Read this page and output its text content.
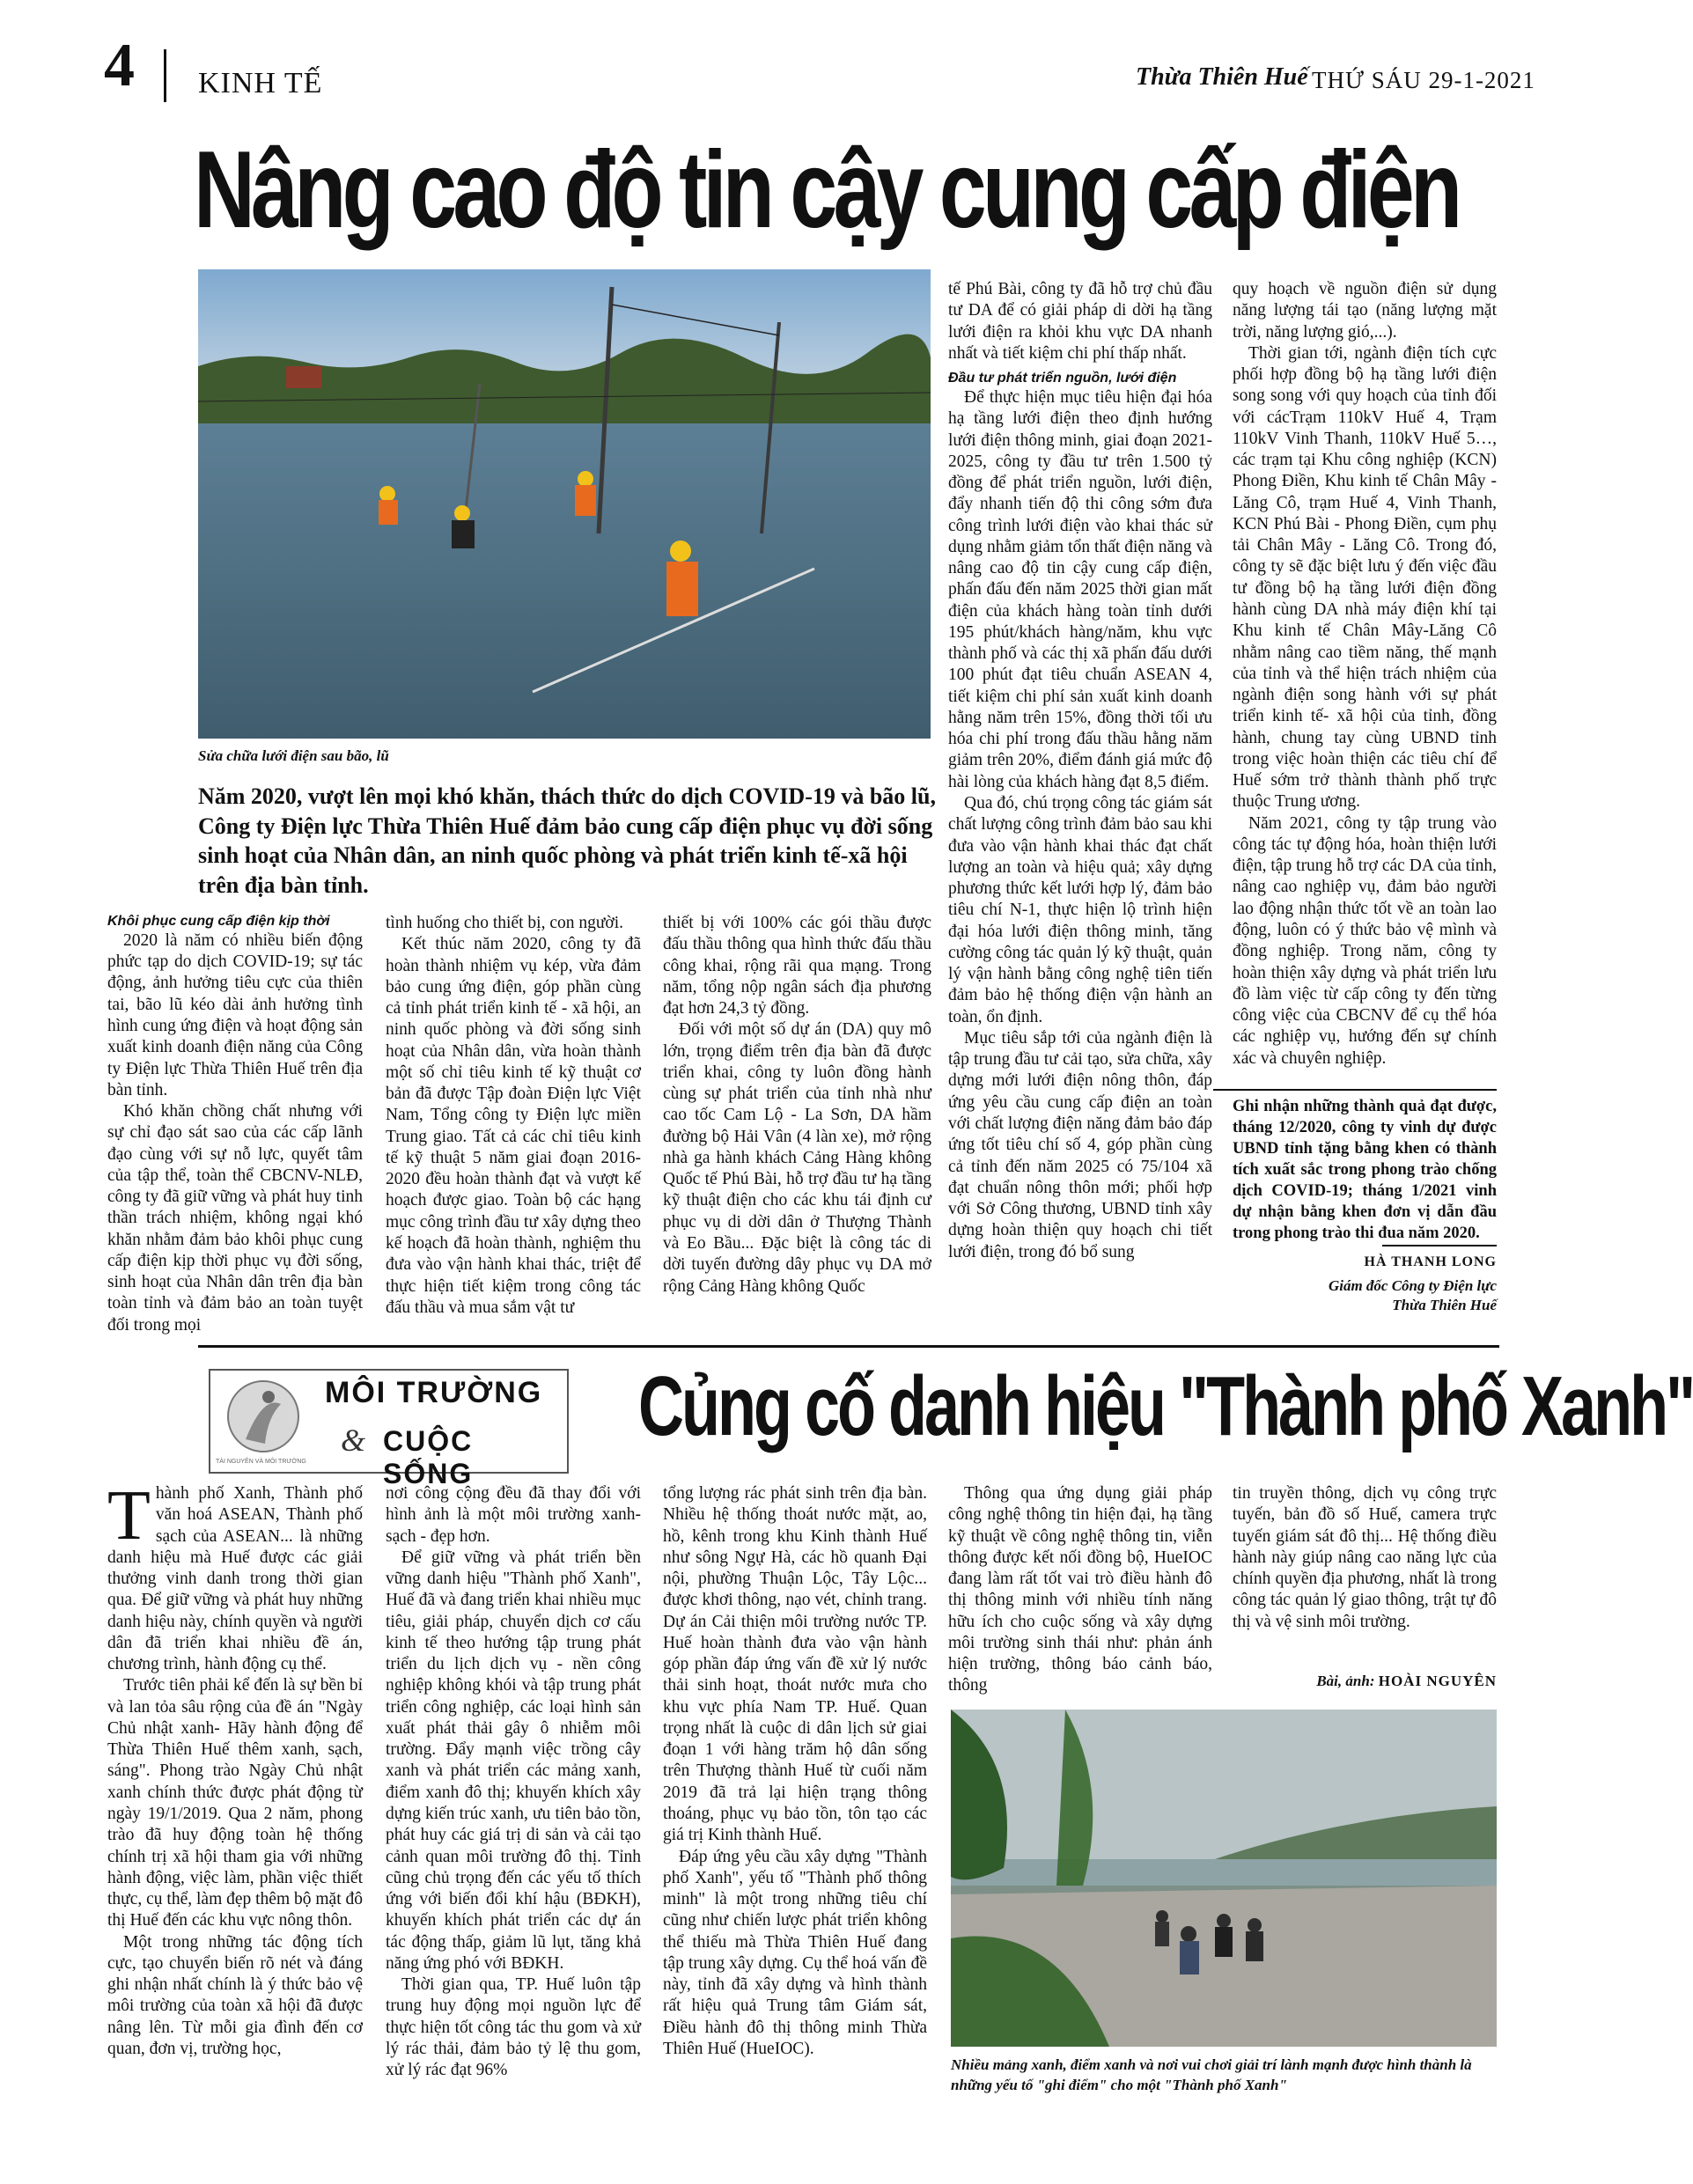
4 KINH TẾ	Thừa Thiên Huế THỨ SÁU 29-1-2021
Nâng cao độ tin cậy cung cấp điện
Sửa chữa lưới điện sau bão, lũ
Năm 2020, vượt lên mọi khó khăn, thách thức do dịch COVID-19 và bão lũ, Công ty Điện lực Thừa Thiên Huế đảm bảo cung cấp điện phục vụ đời sống sinh hoạt của Nhân dân, an ninh quốc phòng và phát triển kinh tế-xã hội trên địa bàn tỉnh.

Khôi phục cung cấp điện kịp thời

2020 là năm có nhiều biến động phức tạp do dịch COVID-19; sự tác động, ảnh hưởng tiêu cực của thiên tai, bão lũ kéo dài ảnh hưởng tình hình cung ứng điện và hoạt động sản xuất kinh doanh điện năng của Công ty Điện lực Thừa Thiên Huế trên địa bàn tỉnh.

Khó khăn chồng chất nhưng với sự chỉ đạo sát sao của các cấp lãnh đạo cùng với sự nỗ lực, quyết tâm của tập thể, toàn thể CBCNV-NLĐ, công ty đã giữ vững và phát huy tinh thần trách nhiệm, không ngại khó khăn nhằm đảm bảo khôi phục cung cấp điện kịp thời phục vụ đời sống, sinh hoạt của Nhân dân trên địa bàn toàn tỉnh và đảm bảo an toàn tuyệt đối trong mọi

tình huống cho thiết bị, con người.

Kết thúc năm 2020, công ty đã hoàn thành nhiệm vụ kép, vừa đảm bảo cung ứng điện, góp phần cùng cả tỉnh phát triển kinh tế - xã hội, an ninh quốc phòng và đời sống sinh hoạt của Nhân dân, vừa hoàn thành một số chỉ tiêu kinh tế kỹ thuật cơ bản đã được Tập đoàn Điện lực Việt Nam, Tổng công ty Điện lực miền Trung giao. Tất cả các chỉ tiêu kinh tế kỹ thuật 5 năm giai đoạn 2016-2020 đều hoàn thành đạt và vượt kế hoạch được giao. Toàn bộ các hạng mục công trình đầu tư xây dựng theo kế hoạch đã hoàn thành, nghiệm thu đưa vào vận hành khai thác, triệt để thực hiện tiết kiệm trong công tác đấu thầu và mua sắm vật tư

thiết bị với 100% các gói thầu được đấu thầu thông qua hình thức đấu thầu công khai, rộng rãi qua mạng. Trong năm, tổng nộp ngân sách địa phương đạt hơn 24,3 tỷ đồng.

Đối với một số dự án (DA) quy mô lớn, trọng điểm trên địa bàn đã được triển khai, công ty luôn đồng hành cùng sự phát triển của tỉnh nhà như cao tốc Cam Lộ - La Sơn, DA hầm đường bộ Hải Vân (4 làn xe), mở rộng nhà ga hành khách Cảng Hàng không Quốc tế Phú Bài, hỗ trợ đầu tư hạ tầng kỹ thuật điện cho các khu tái định cư phục vụ di dời dân ở Thượng Thành và Eo Bầu... Đặc biệt là công tác di dời tuyến đường dây phục vụ DA mở rộng Cảng Hàng không Quốc

tế Phú Bài, công ty đã hỗ trợ chủ đầu tư DA để có giải pháp di dời hạ tầng lưới điện ra khỏi khu vực DA nhanh nhất và tiết kiệm chi phí thấp nhất.

Đầu tư phát triển nguồn, lưới điện

Để thực hiện mục tiêu hiện đại hóa hạ tầng lưới điện theo định hướng lưới điện thông minh, giai đoạn 2021-2025, công ty đầu tư trên 1.500 tỷ đồng để phát triển nguồn, lưới điện, đẩy nhanh tiến độ thi công sớm đưa công trình lưới điện vào khai thác sử dụng nhằm giảm tổn thất điện năng và nâng cao độ tin cậy cung cấp điện, phấn đấu đến năm 2025 thời gian mất điện của khách hàng toàn tỉnh dưới 195 phút/khách hàng/năm, khu vực thành phố và các thị xã phấn đấu dưới 100 phút đạt tiêu chuẩn ASEAN 4, tiết kiệm chi phí sản xuất kinh doanh hằng năm trên 15%, đồng thời tối ưu hóa chi phí trong đấu thầu hằng năm giảm trên 20%, điểm đánh giá mức độ hài lòng của khách hàng đạt 8,5 điểm.

Qua đó, chú trọng công tác giám sát chất lượng công trình đảm bảo sau khi đưa vào vận hành khai thác đạt chất lượng an toàn và hiệu quả; xây dựng phương thức kết lưới hợp lý, đảm bảo tiêu chí N-1, thực hiện lộ trình hiện đại hóa lưới điện thông minh, tăng cường công tác quản lý kỹ thuật, quản lý vận hành bằng công nghệ tiên tiến đảm bảo hệ thống điện vận hành an toàn, ổn định.

Mục tiêu sắp tới của ngành điện là tập trung đầu tư cải tạo, sửa chữa, xây dựng mới lưới điện nông thôn, đáp ứng yêu cầu cung cấp điện an toàn với chất lượng điện năng đảm bảo đáp ứng tốt tiêu chí số 4, góp phần cùng cả tỉnh đến năm 2025 có 75/104 xã đạt chuẩn nông thôn mới; phối hợp với Sở Công thương, UBND tỉnh xây dựng hoàn thiện quy hoạch chi tiết lưới điện, trong đó bổ sung

quy hoạch về nguồn điện sử dụng năng lượng tái tạo (năng lượng mặt trời, năng lượng gió,...).

Thời gian tới, ngành điện tích cực phối hợp đồng bộ hạ tầng lưới điện song song với quy hoạch của tỉnh đối với cácTrạm 110kV Huế 4, Trạm 110kV Vinh Thanh, 110kV Huế 5…, các trạm tại Khu công nghiệp (KCN) Phong Điền, Khu kinh tế Chân Mây - Lăng Cô, trạm Huế 4, Vinh Thanh, KCN Phú Bài - Phong Điền, cụm phụ tải Chân Mây - Lăng Cô. Trong đó, công ty sẽ đặc biệt lưu ý đến việc đầu tư đồng bộ hạ tầng lưới điện đồng hành cùng DA nhà máy điện khí tại Khu kinh tế Chân Mây-Lăng Cô nhằm nâng cao tiềm năng, thế mạnh của tỉnh và thể hiện trách nhiệm của ngành điện song hành với sự phát triển kinh tế- xã hội của tỉnh, đồng hành, chung tay cùng UBND tỉnh trong việc hoàn thiện các tiêu chí để Huế sớm trở thành thành phố trực thuộc Trung ương.

Năm 2021, công ty tập trung vào công tác tự động hóa, hoàn thiện lưới điện, tập trung hỗ trợ các DA của tỉnh, nâng cao nghiệp vụ, đảm bảo người lao động nhận thức tốt về an toàn lao động, luôn có ý thức bảo vệ mình và đồng nghiệp. Trong năm, công ty hoàn thiện xây dựng và phát triển lưu đồ làm việc từ cấp công ty đến từng công việc của CBCNV để cụ thể hóa các nghiệp vụ, hướng đến sự chính xác và chuyên nghiệp.

Ghi nhận những thành quả đạt được, tháng 12/2020, công ty vinh dự được UBND tỉnh tặng bằng khen có thành tích xuất sắc trong phong trào chống dịch COVID-19; tháng 1/2021 vinh dự nhận bằng khen đơn vị dẫn đầu trong phong trào thi đua năm 2020.
HÀ THANH LONG
Giám đốc Công ty Điện lực Thừa Thiên Huế
TÀI NGUYÊN VÀ MÔI TRƯỜNG
MÔI TRƯỜNG
& CUỘC SỐNG
Củng cố danh hiệu "Thành phố Xanh"

Thành phố Xanh, Thành phố văn hoá ASEAN, Thành phố sạch của ASEAN... là những danh hiệu mà Huế được các giải thưởng vinh danh trong thời gian qua. Để giữ vững và phát huy những danh hiệu này, chính quyền và người dân đã triển khai nhiều đề án, chương trình, hành động cụ thể.

Trước tiên phải kể đến là sự bền bỉ và lan tỏa sâu rộng của đề án "Ngày Chủ nhật xanh- Hãy hành động để Thừa Thiên Huế thêm xanh, sạch, sáng". Phong trào Ngày Chủ nhật xanh chính thức được phát động từ ngày 19/1/2019. Qua 2 năm, phong trào đã huy động toàn hệ thống chính trị xã hội tham gia với những hành động, việc làm, phần việc thiết thực, cụ thể, làm đẹp thêm bộ mặt đô thị Huế đến các khu vực nông thôn.

Một trong những tác động tích cực, tạo chuyển biến rõ nét và đáng ghi nhận nhất chính là ý thức bảo vệ môi trường của toàn xã hội đã được nâng lên. Từ mỗi gia đình đến cơ quan, đơn vị, trường học,

nơi công cộng đều đã thay đổi với hình ảnh là một môi trường xanh-sạch - đẹp hơn.

Để giữ vững và phát triển bền vững danh hiệu "Thành phố Xanh", Huế đã và đang triển khai nhiều mục tiêu, giải pháp, chuyển dịch cơ cấu kinh tế theo hướng tập trung phát triển du lịch dịch vụ - nền công nghiệp không khói và tập trung phát triển công nghiệp, các loại hình sản xuất phát thải gây ô nhiễm môi trường. Đẩy mạnh việc trồng cây xanh và phát triển các mảng xanh, điểm xanh đô thị; khuyến khích xây dựng kiến trúc xanh, ưu tiên bảo tồn, phát huy các giá trị di sản và cải tạo cảnh quan môi trường đô thị. Tỉnh cũng chủ trọng đến các yếu tố thích ứng với biến đổi khí hậu (BĐKH), khuyến khích phát triển các dự án tác động thấp, giảm lũ lụt, tăng khả năng ứng phó với BĐKH.

Thời gian qua, TP. Huế luôn tập trung huy động mọi nguồn lực để thực hiện tốt công tác thu gom và xử lý rác thải, đảm bảo tỷ lệ thu gom, xử lý rác đạt 96%

tổng lượng rác phát sinh trên địa bàn. Nhiều hệ thống thoát nước mặt, ao, hồ, kênh trong khu Kinh thành Huế như sông Ngự Hà, các hồ quanh Đại nội, phường Thuận Lộc, Tây Lộc... được khơi thông, nạo vét, chỉnh trang. Dự án Cải thiện môi trường nước TP. Huế hoàn thành đưa vào vận hành góp phần đáp ứng vấn đề xử lý nước thải sinh hoạt, thoát nước mưa cho khu vực phía Nam TP. Huế. Quan trọng nhất là cuộc di dân lịch sử giai đoạn 1 với hàng trăm hộ dân sống trên Thượng thành Huế từ cuối năm 2019 đã trả lại hiện trạng thông thoáng, phục vụ bảo tồn, tôn tạo các giá trị Kinh thành Huế.

Đáp ứng yêu cầu xây dựng "Thành phố Xanh", yếu tố "Thành phố thông minh" là một trong những tiêu chí cũng như chiến lược phát triển không thể thiếu mà Thừa Thiên Huế đang tập trung xây dựng. Cụ thể hoá vấn đề này, tỉnh đã xây dựng và hình thành rất hiệu quả Trung tâm Giám sát, Điều hành đô thị thông minh Thừa Thiên Huế (HueIOC).

Thông qua ứng dụng giải pháp công nghệ thông tin hiện đại, hạ tầng kỹ thuật về công nghệ thông tin, viễn thông được kết nối đồng bộ, HueIOC đang làm rất tốt vai trò điều hành đô thị thông minh với nhiều tính năng hữu ích cho cuộc sống và xây dựng môi trường sinh thái như: phản ánh hiện trường, thông báo cảnh báo, thông

tin truyền thông, dịch vụ công trực tuyến, bản đồ số Huế, camera trực tuyến giám sát đô thị... Hệ thống điều hành này giúp nâng cao năng lực của chính quyền địa phương, nhất là trong công tác quản lý giao thông, trật tự đô thị và vệ sinh môi trường.

Bài, ảnh: HOÀI NGUYÊN
Nhiều mảng xanh, điểm xanh và nơi vui chơi giải trí lành mạnh được hình thành là những yếu tố "ghi điểm" cho một "Thành phố Xanh"
